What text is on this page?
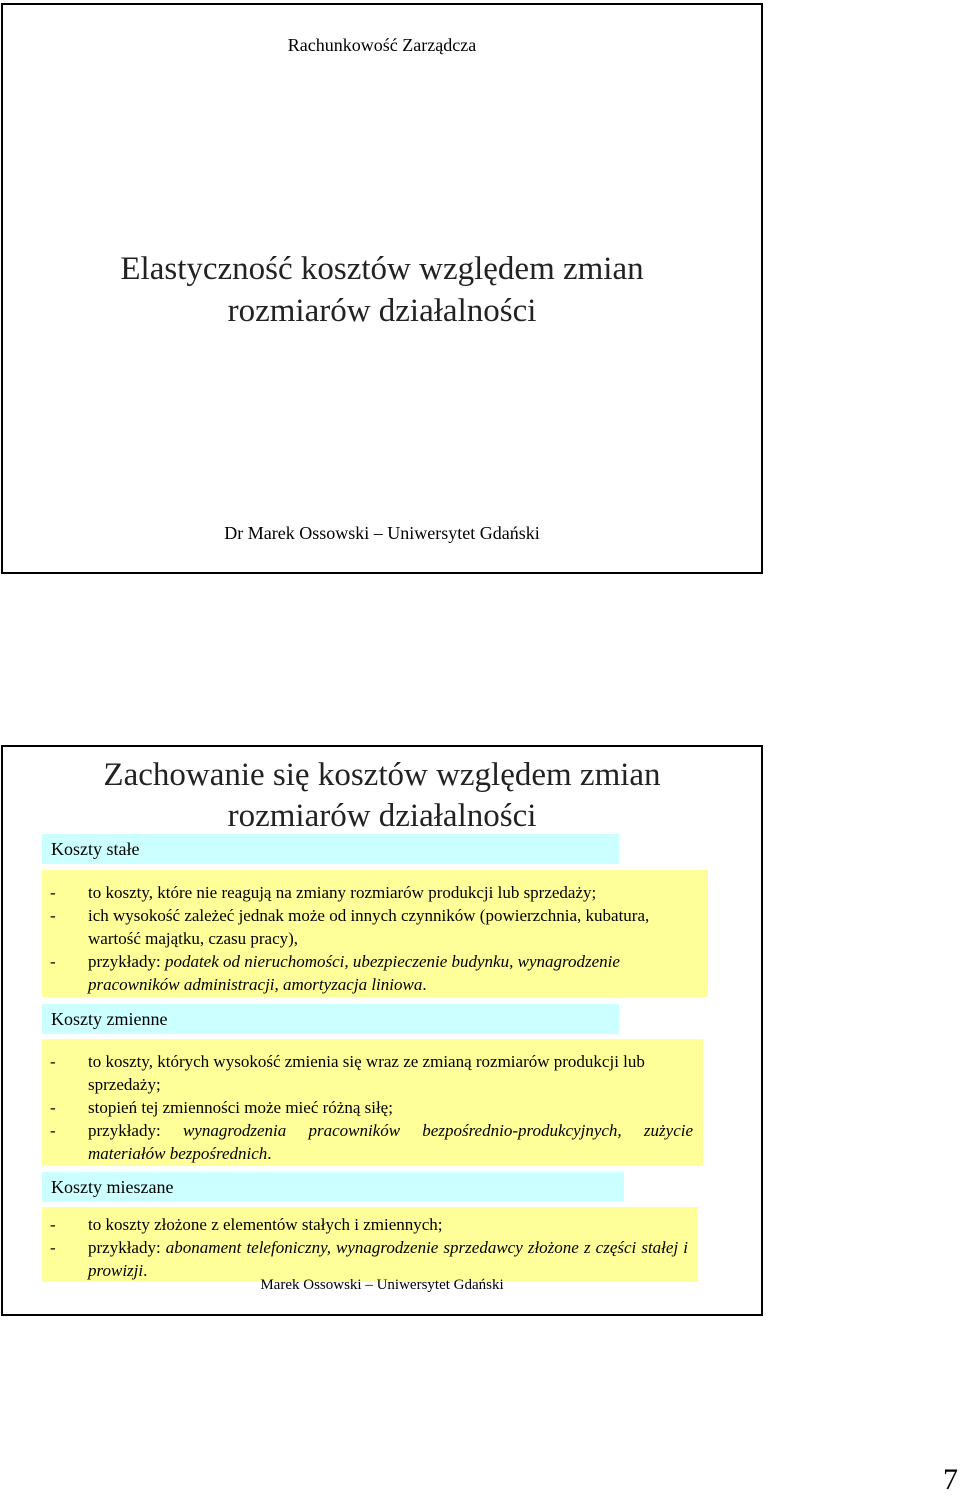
Rachunkowość Zarządcza
Elastyczność kosztów względem zmian
rozmiarów działalności
Dr Marek Ossowski – Uniwersytet Gdański
Zachowanie się kosztów względem zmian
rozmiarów działalności
Koszty stałe
- to koszty, które nie reagują na zmiany rozmiarów produkcji lub sprzedaży;
- ich wysokość zależeć jednak może od innych czynników (powierzchnia, kubatura, wartość majątku, czasu pracy),
- przykłady: podatek od nieruchomości, ubezpieczenie budynku, wynagrodzenie pracowników administracji, amortyzacja liniowa.
Koszty zmienne
- to koszty, których wysokość zmienia się wraz ze zmianą rozmiarów produkcji lub sprzedaży;
- stopień tej zmienności może mieć różną siłę;
- przykłady: wynagrodzenia pracowników bezpośrednio-produkcyjnych, zużycie materiałów bezpośrednich.
Koszty mieszane
- to koszty złożone z elementów stałych i zmiennych;
- przykłady: abonament telefoniczny, wynagrodzenie sprzedawcy złożone z części stałej i prowizji.
Marek Ossowski – Uniwersytet Gdański
7
